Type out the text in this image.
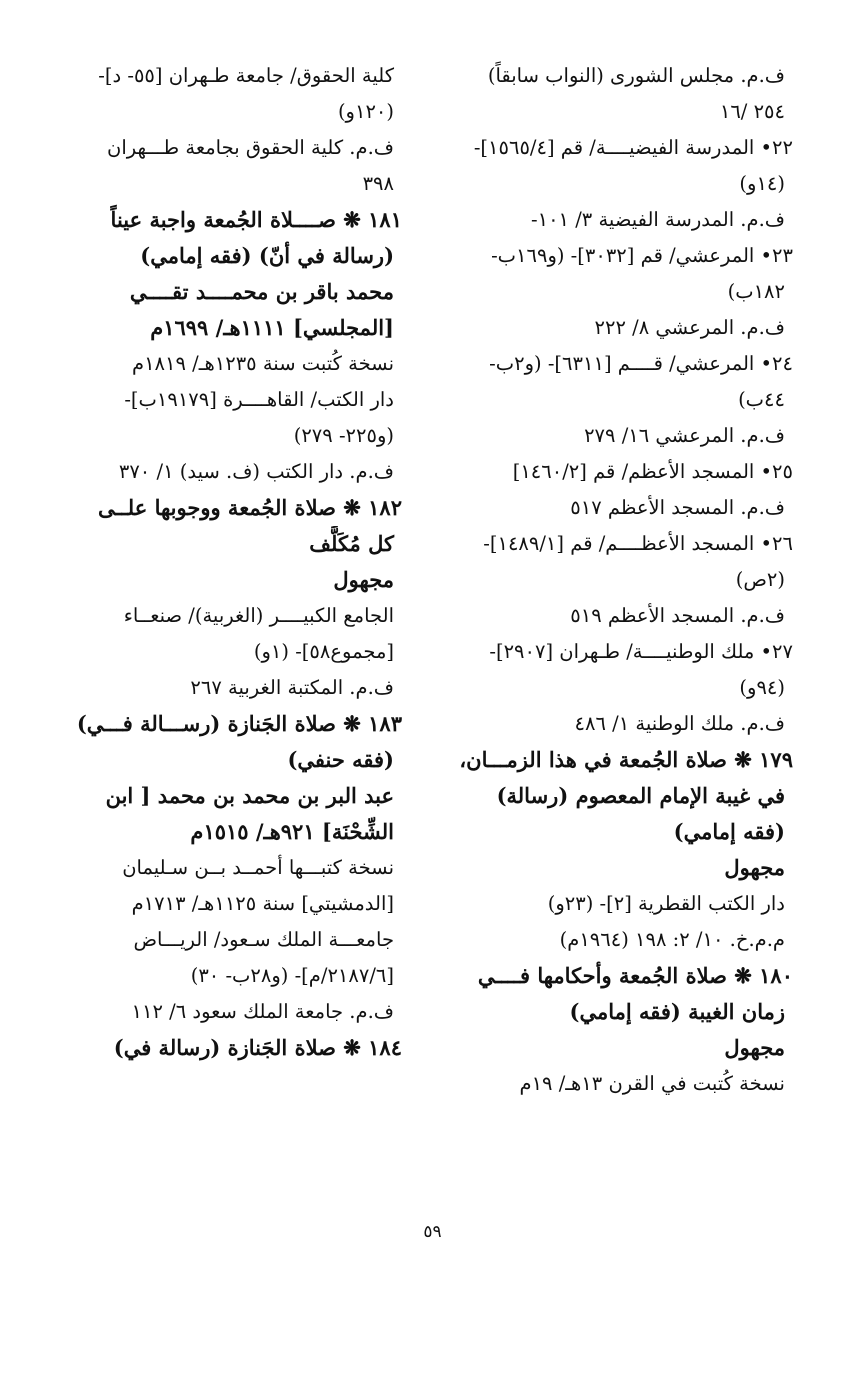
ف.م. مجلس الشورى (النواب سابقاً)
٢٥٤ /١٦
٢٢• المدرسة الفيضيــــة/ قم [١٥٦٥/٤]-
(١٤و)
ف.م. المدرسة الفيضية ٣/ ١٠١-
٢٣• المرعشي/ قم [٣٠٣٢]- (و١٦٩ب-
١٨٢ب)
ف.م. المرعشي ٨/ ٢٢٢
٢٤• المرعشي/ قــــم [٦٣١١]- (و٢ب-
٤٤ب)
ف.م. المرعشي ١٦/ ٢٧٩
٢٥• المسجد الأعظم/ قم [١٤٦٠/٢]
ف.م. المسجد الأعظم ٥١٧
٢٦• المسجد الأعظــــم/ قم [١٤٨٩/١]-
(٢ص)
ف.م. المسجد الأعظم ٥١٩
٢٧• ملك الوطنيــــة/ طـهران [٢٩٠٧]-
(٩٤و)
ف.م. ملك الوطنية ١/ ٤٨٦
١٧٩ ❋ صلاة الجُمعة في هذا الزمـــان،
في غيبة الإمام المعصوم (رسالة)
(فقه إمامي)
مجهول
دار الكتب القطرية [٢]- (٢٣و)
م.م.خ. ١٠/ ٢: ١٩٨ (١٩٦٤م)
١٨٠ ❋ صلاة الجُمعة وأحكامها فــــي
زمان الغيبة (فقه إمامي)
مجهول
نسخة كُتبت في القرن ١٣هـ/ ١٩م
كلية الحقوق/ جامعة طـهران [٥٥- د]-
(١٢٠و)
ف.م. كلية الحقوق بجامعة طـــهران
٣٩٨
١٨١ ❋ صــــلاة الجُمعة واجبة عيناً
(رسالة في أنّ) (فقه إمامي)
محمد باقر بن محمــــد تقــــي
[المجلسي] ١١١١هـ/ ١٦٩٩م
نسخة كُتبت سنة ١٢٣٥هـ/ ١٨١٩م
دار الكتب/ القاهــــرة [١٩١٧٩ب]-
(و٢٢٥- ٢٧٩)
ف.م. دار الكتب (ف. سيد) ١/ ٣٧٠
١٨٢ ❋ صلاة الجُمعة ووجوبها علــى
كل مُكَلَّف
مجهول
الجامع الكبيــــر (الغربية)/ صنعــاء
[مجموع٥٨]- (١و)
ف.م. المكتبة الغربية ٢٦٧
١٨٣ ❋ صلاة الجَنازة (رســـالة فـــي)
(فقه حنفي)
عبد البر بن محمد بن محمد [ ابن
الشِّحْنَة] ٩٢١هـ/ ١٥١٥م
نسخة كتبـــها أحمــد بــن سـليمان
[الدمشيتي] سنة ١١٢٥هـ/ ١٧١٣م
جامعـــة الملك سـعود/ الريـــاض
[٢١٨٧/٦/م]- (و٢٨ب- ٣٠)
ف.م. جامعة الملك سعود ٦/ ١١٢
١٨٤ ❋ صلاة الجَنازة (رسالة في)
٥٩
